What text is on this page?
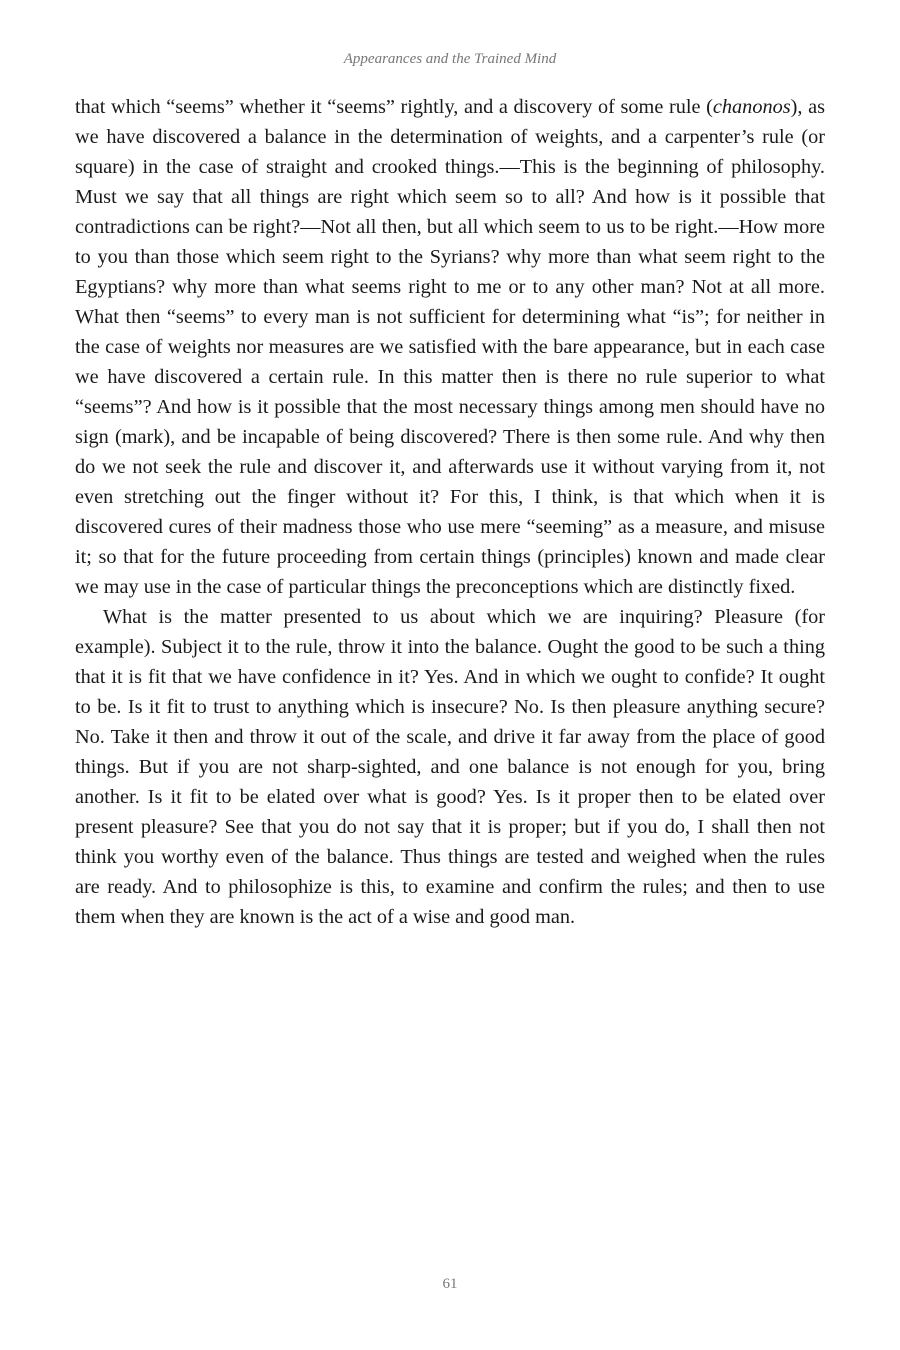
Appearances and the Trained Mind

that which “seems” whether it “seems” rightly, and a discovery of some rule (chanonos), as we have discovered a balance in the determination of weights, and a carpenter’s rule (or square) in the case of straight and crooked things.—This is the beginning of philosophy. Must we say that all things are right which seem so to all? And how is it possible that contradictions can be right?—Not all then, but all which seem to us to be right.—How more to you than those which seem right to the Syrians? why more than what seem right to the Egyptians? why more than what seems right to me or to any other man? Not at all more. What then “seems” to every man is not sufficient for determining what “is”; for neither in the case of weights nor measures are we satisfied with the bare appearance, but in each case we have discovered a certain rule. In this matter then is there no rule superior to what “seems”? And how is it possible that the most necessary things among men should have no sign (mark), and be incapable of being discovered? There is then some rule. And why then do we not seek the rule and discover it, and afterwards use it without varying from it, not even stretching out the finger without it? For this, I think, is that which when it is discovered cures of their madness those who use mere “seeming” as a measure, and misuse it; so that for the future proceeding from certain things (principles) known and made clear we may use in the case of particular things the preconceptions which are distinctly fixed.

What is the matter presented to us about which we are inquiring? Pleasure (for example). Subject it to the rule, throw it into the balance. Ought the good to be such a thing that it is fit that we have confidence in it? Yes. And in which we ought to confide? It ought to be. Is it fit to trust to anything which is insecure? No. Is then pleasure anything secure? No. Take it then and throw it out of the scale, and drive it far away from the place of good things. But if you are not sharp-sighted, and one balance is not enough for you, bring another. Is it fit to be elated over what is good? Yes. Is it proper then to be elated over present pleasure? See that you do not say that it is proper; but if you do, I shall then not think you worthy even of the balance. Thus things are tested and weighed when the rules are ready. And to philosophize is this, to examine and confirm the rules; and then to use them when they are known is the act of a wise and good man.

61
